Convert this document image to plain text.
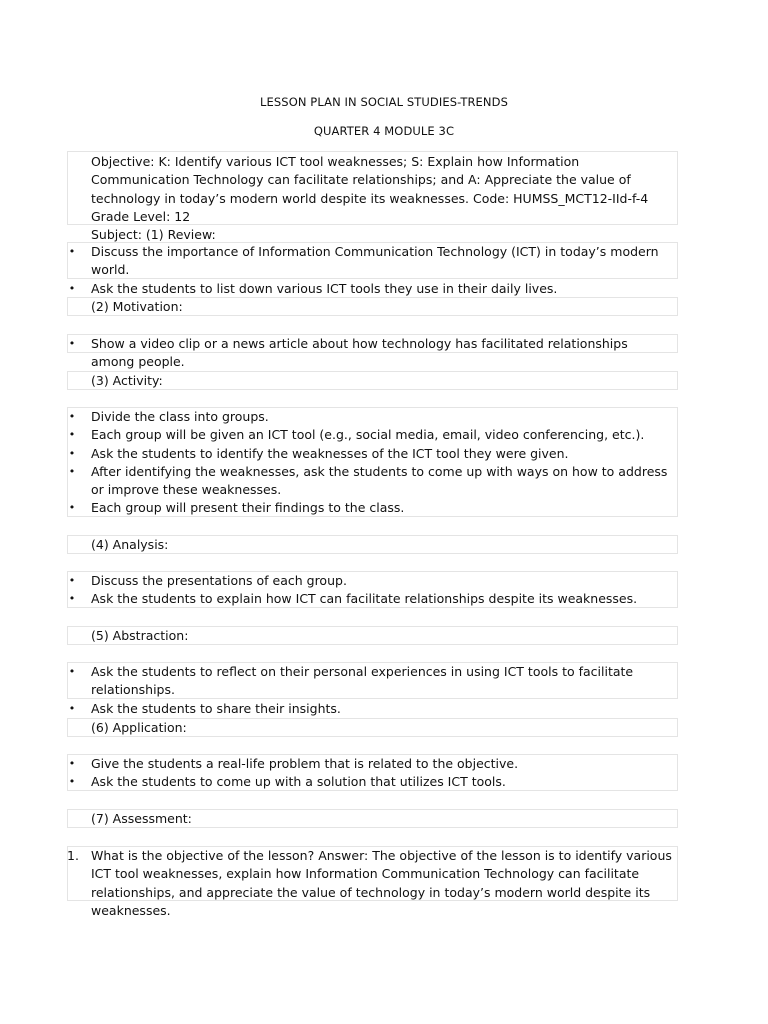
LESSON PLAN IN SOCIAL STUDIES-TRENDS
QUARTER 4 MODULE 3C
Objective: K: Identify various ICT tool weaknesses; S: Explain how Information Communication Technology can facilitate relationships; and A: Appreciate the value of technology in today’s modern world despite its weaknesses. Code: HUMSS_MCT12-IId-f-4 Grade Level: 12
Subject: (1) Review:
• Discuss the importance of Information Communication Technology (ICT) in today’s modern world.
• Ask the students to list down various ICT tools they use in their daily lives.
(2) Motivation:
• Show a video clip or a news article about how technology has facilitated relationships among people.
(3) Activity:
• Divide the class into groups.
• Each group will be given an ICT tool (e.g., social media, email, video conferencing, etc.).
• Ask the students to identify the weaknesses of the ICT tool they were given.
• After identifying the weaknesses, ask the students to come up with ways on how to address or improve these weaknesses.
• Each group will present their findings to the class.
(4) Analysis:
• Discuss the presentations of each group.
• Ask the students to explain how ICT can facilitate relationships despite its weaknesses.
(5) Abstraction:
• Ask the students to reflect on their personal experiences in using ICT tools to facilitate relationships.
• Ask the students to share their insights.
(6) Application:
• Give the students a real-life problem that is related to the objective.
• Ask the students to come up with a solution that utilizes ICT tools.
(7) Assessment:
1. What is the objective of the lesson? Answer: The objective of the lesson is to identify various ICT tool weaknesses, explain how Information Communication Technology can facilitate relationships, and appreciate the value of technology in today’s modern world despite its weaknesses.
